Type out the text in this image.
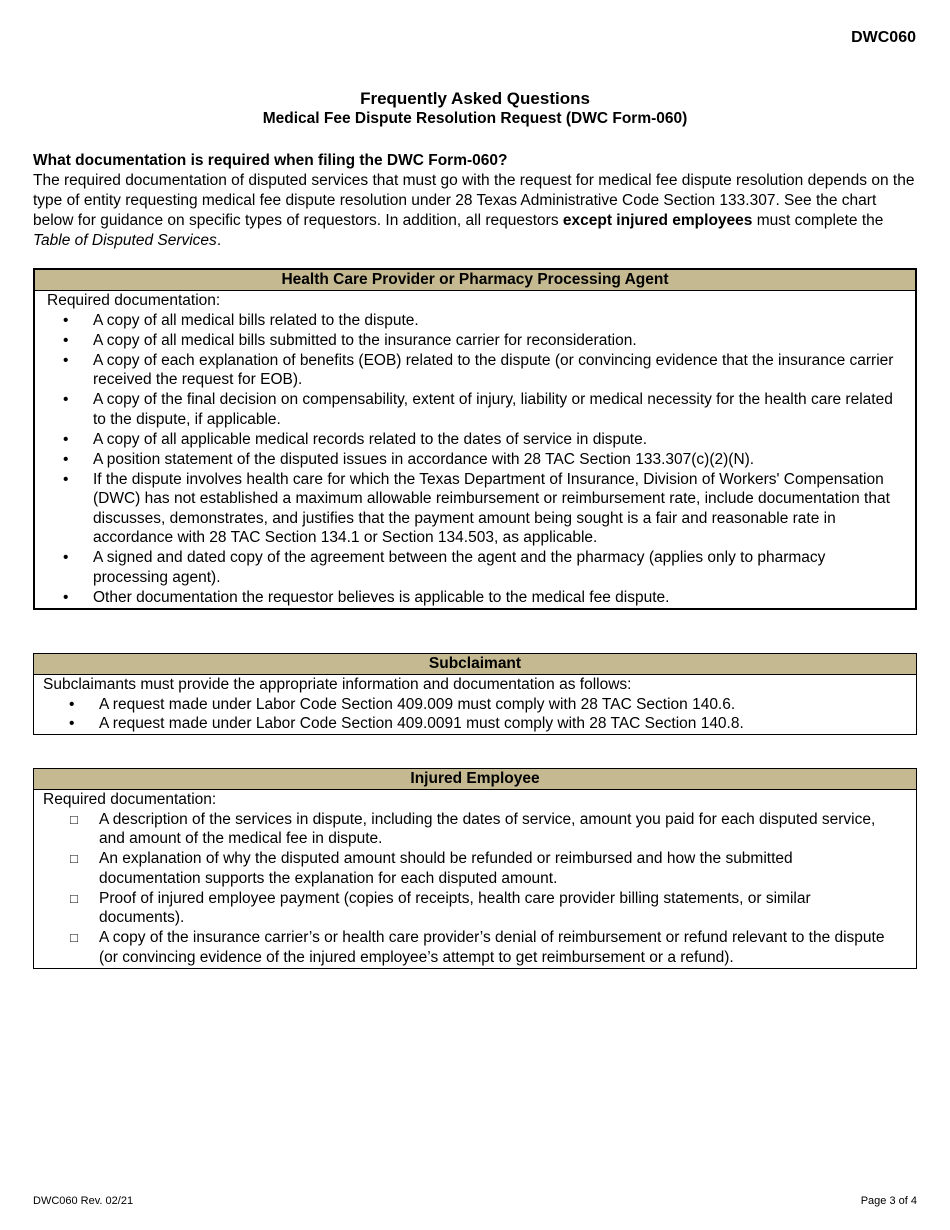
DWC060
Frequently Asked Questions
Medical Fee Dispute Resolution Request (DWC Form-060)
What documentation is required when filing the DWC Form-060?
The required documentation of disputed services that must go with the request for medical fee dispute resolution depends on the type of entity requesting medical fee dispute resolution under 28 Texas Administrative Code Section 133.307. See the chart below for guidance on specific types of requestors. In addition, all requestors except injured employees must complete the Table of Disputed Services.
Health Care Provider or Pharmacy Processing Agent
Required documentation:
• A copy of all medical bills related to the dispute.
• A copy of all medical bills submitted to the insurance carrier for reconsideration.
• A copy of each explanation of benefits (EOB) related to the dispute (or convincing evidence that the insurance carrier received the request for EOB).
• A copy of the final decision on compensability, extent of injury, liability or medical necessity for the health care related to the dispute, if applicable.
• A copy of all applicable medical records related to the dates of service in dispute.
• A position statement of the disputed issues in accordance with 28 TAC Section 133.307(c)(2)(N).
• If the dispute involves health care for which the Texas Department of Insurance, Division of Workers' Compensation (DWC) has not established a maximum allowable reimbursement or reimbursement rate, include documentation that discusses, demonstrates, and justifies that the payment amount being sought is a fair and reasonable rate in accordance with 28 TAC Section 134.1 or Section 134.503, as applicable.
• A signed and dated copy of the agreement between the agent and the pharmacy (applies only to pharmacy processing agent).
• Other documentation the requestor believes is applicable to the medical fee dispute.
Subclaimant
Subclaimants must provide the appropriate information and documentation as follows:
• A request made under Labor Code Section 409.009 must comply with 28 TAC Section 140.6.
• A request made under Labor Code Section 409.0091 must comply with 28 TAC Section 140.8.
Injured Employee
Required documentation:
□ A description of the services in dispute, including the dates of service, amount you paid for each disputed service, and amount of the medical fee in dispute.
□ An explanation of why the disputed amount should be refunded or reimbursed and how the submitted documentation supports the explanation for each disputed amount.
□ Proof of injured employee payment (copies of receipts, health care provider billing statements, or similar documents).
□ A copy of the insurance carrier’s or health care provider’s denial of reimbursement or refund relevant to the dispute (or convincing evidence of the injured employee’s attempt to get reimbursement or a refund).
DWC060 Rev. 02/21	Page 3 of 4
